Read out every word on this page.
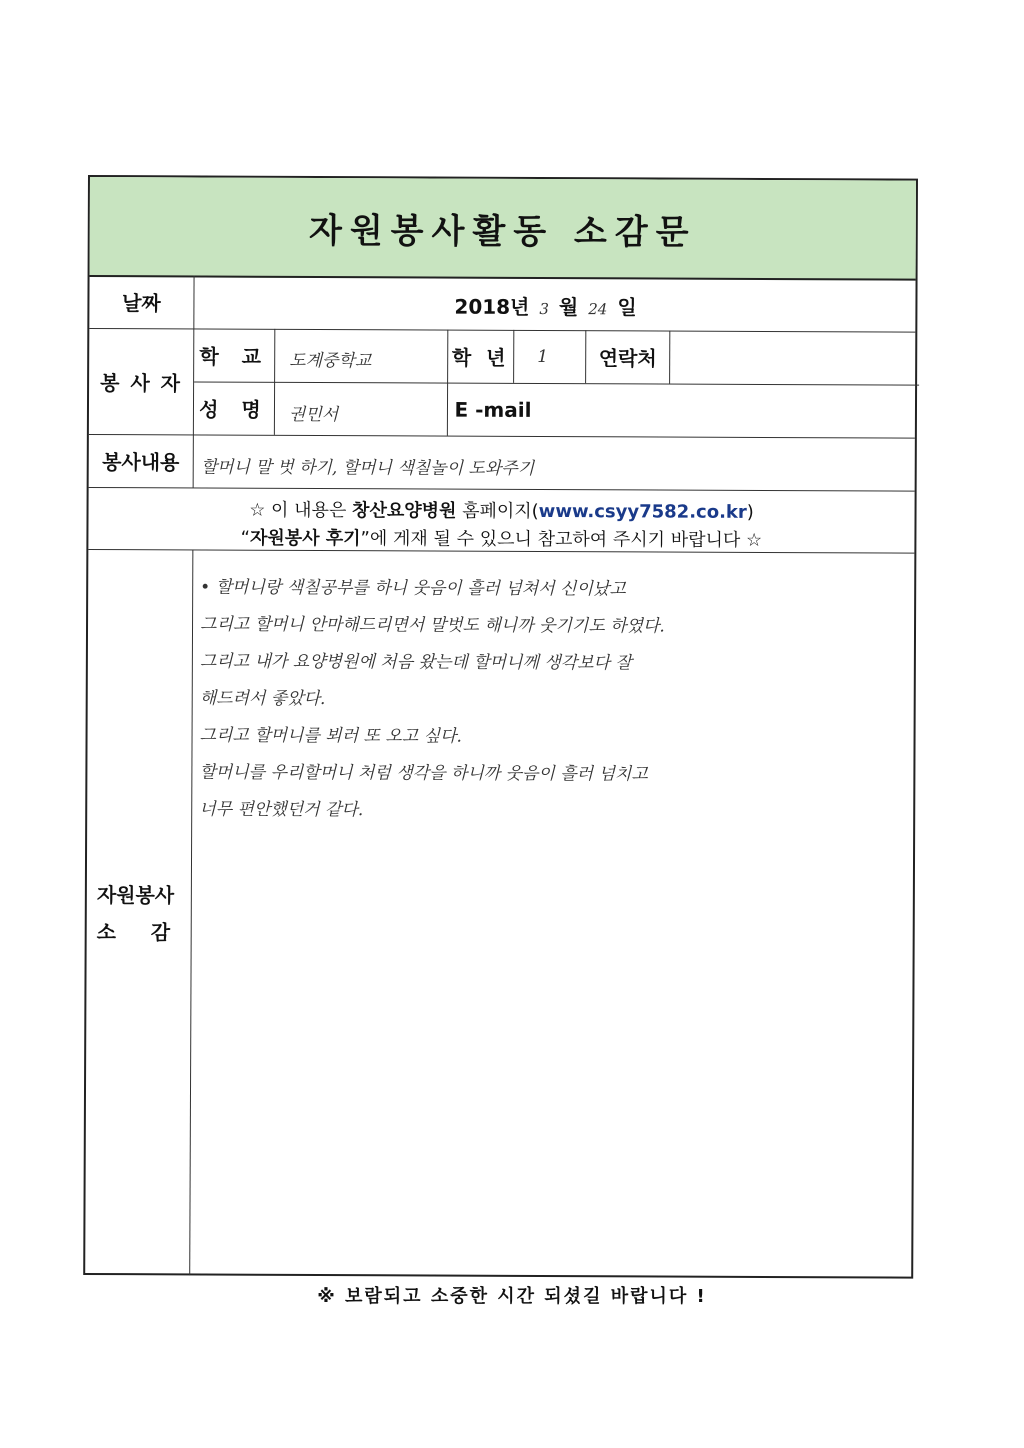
자원봉사활동 소감문
날짜	2018년 3 월 24 일
봉 사 자
학 교	도계중학교	학 년 1	연락처
성 명	권민서	E -mail
봉사내용	할머니 말 벗 하기, 할머니 색칠놀이 도와주기
☆ 이 내용은 창산요양병원 홈페이지(www.csyy7582.co.kr)
“자원봉사 후기”에 게재 될 수 있으니 참고하여 주시기 바랍니다 ☆
자원봉사
소     감
• 할머니랑 색칠공부를 하니 웃음이 흘러 넘쳐서 신이났고
그리고 할머니 안마해드리면서 말벗도 해니까 웃기기도 하였다.
그리고 내가 요양병원에 처음 왔는데 할머니께 생각보다 잘
해드려서 좋았다.
그리고 할머니를 뵈러 또 오고 싶다.
할머니를 우리할머니 처럼 생각을 하니까 웃음이 흘러 넘치고
너무 편안했던거 같다.
※ 보람되고 소중한 시간 되셨길 바랍니다 !
